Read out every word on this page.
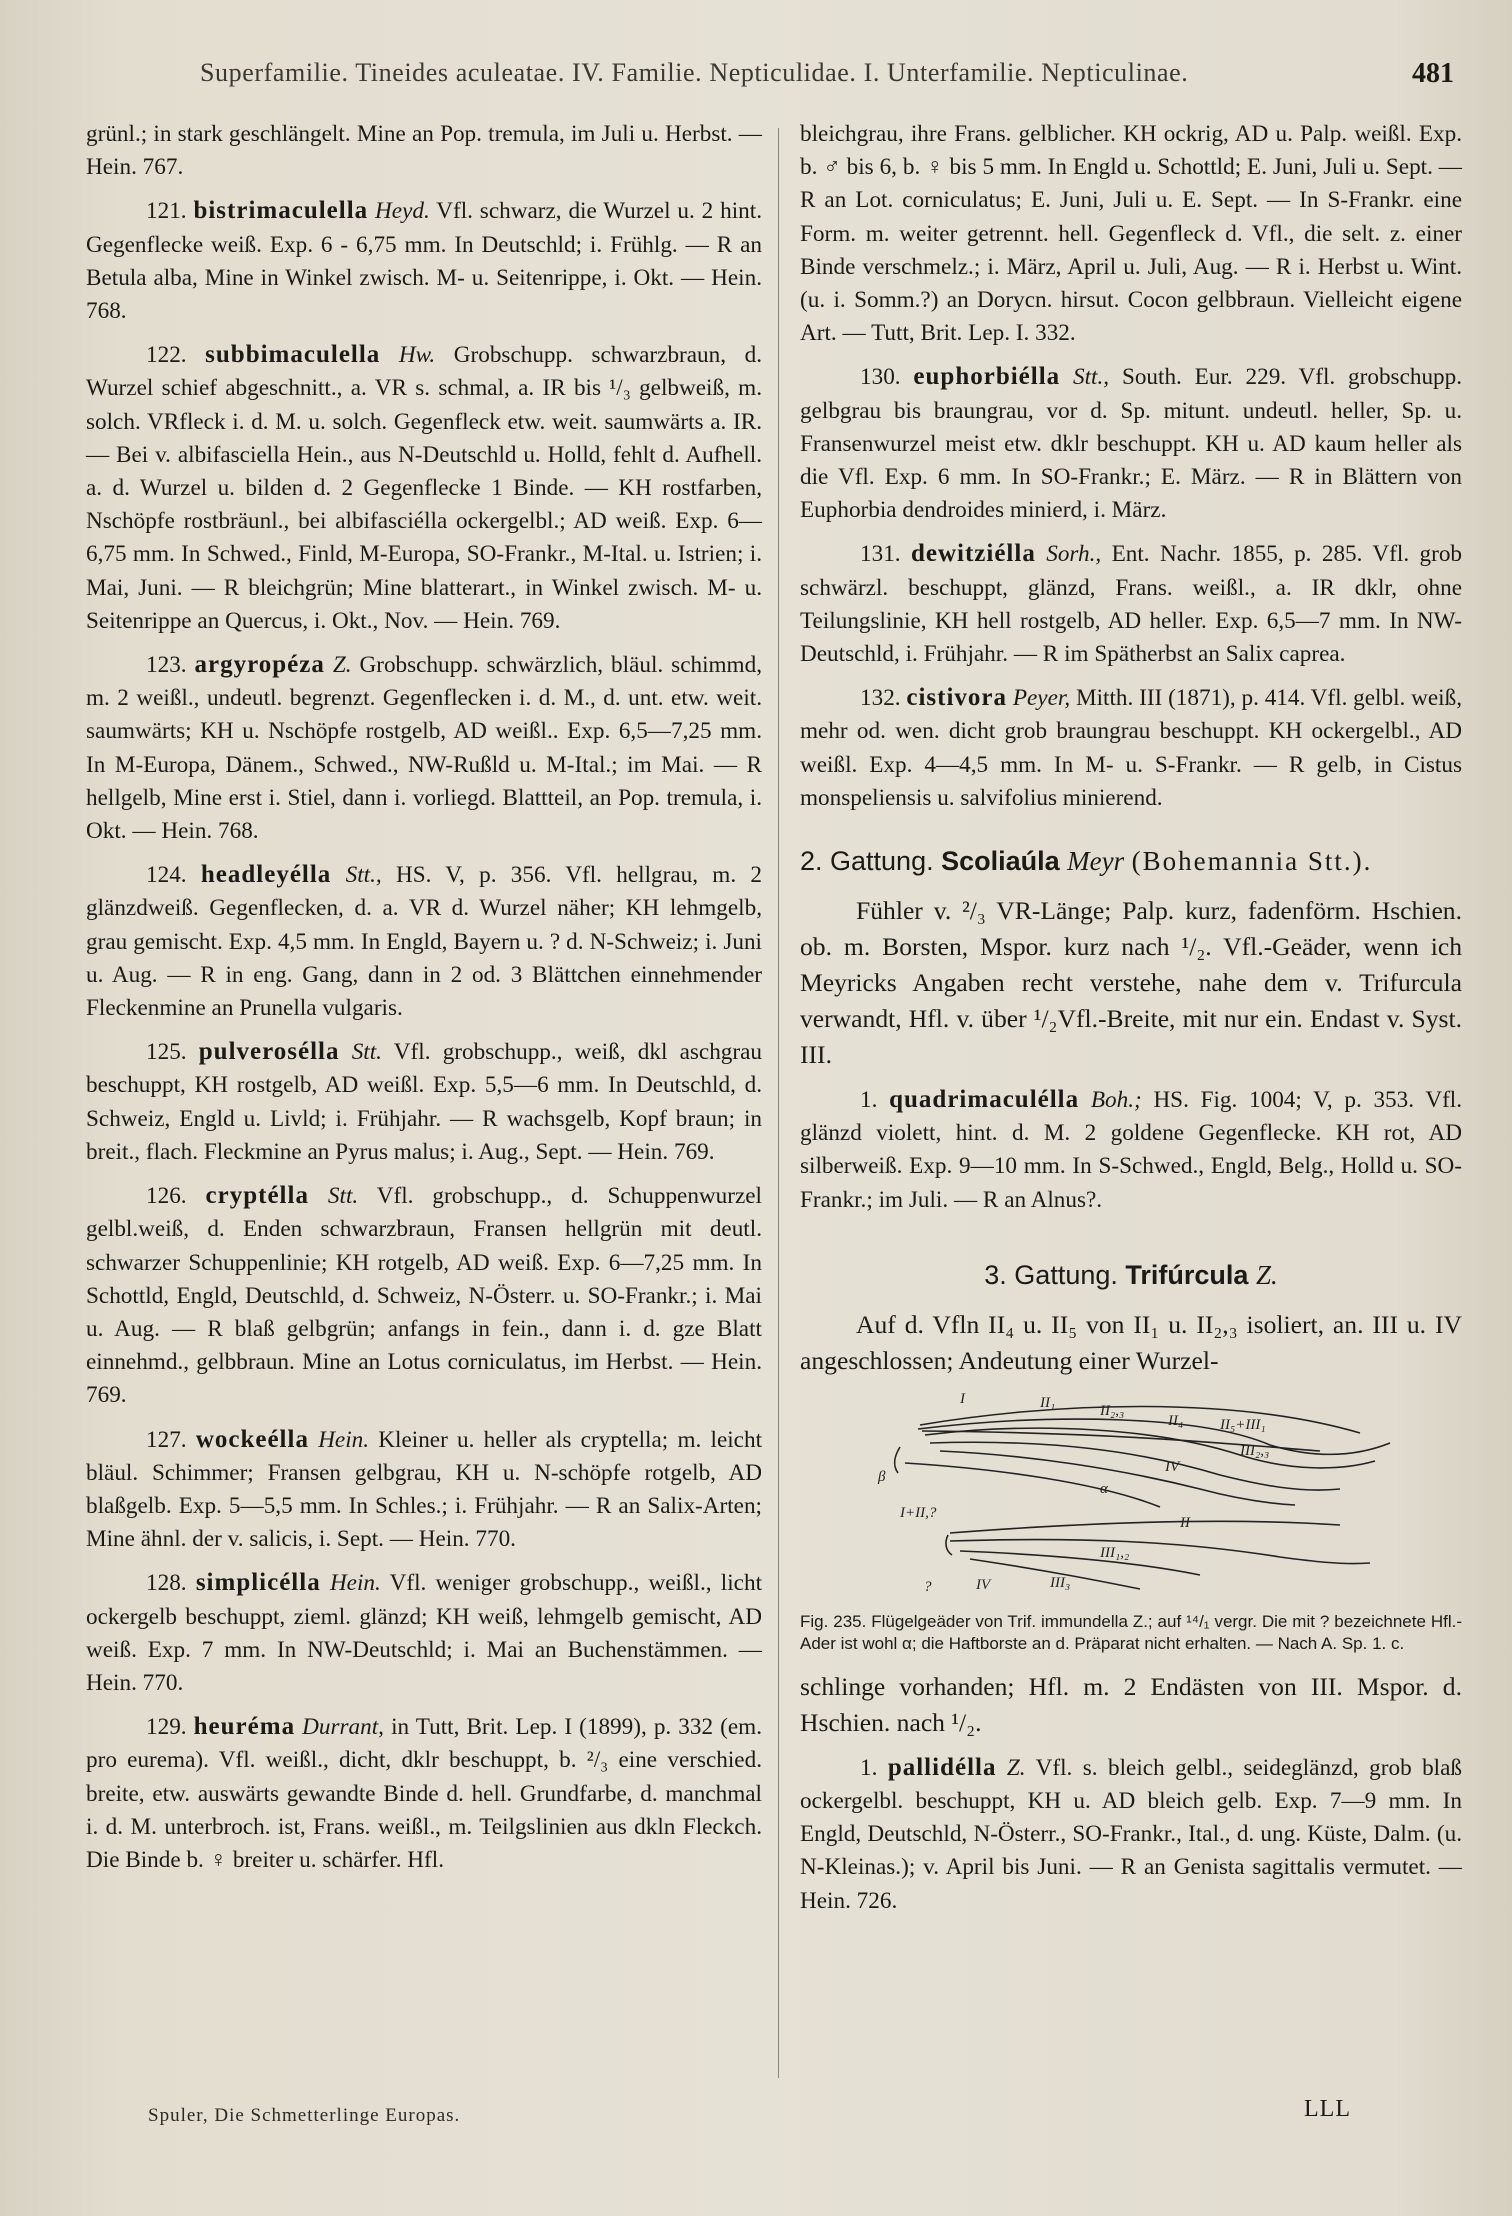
Superfamilie. Tineides aculeatae. IV. Familie. Nepticulidae. I. Unterfamilie. Nepticulinae.	481

grünl.; in stark geschlängelt. Mine an Pop. tremula, im Juli u. Herbst. — Hein. 767.

121. bistrimaculella Heyd. Vfl. schwarz, die Wurzel u. 2 hint. Gegenflecke weiß. Exp. 6 - 6,75 mm. In Deutschld; i. Frühlg. — R an Betula alba, Mine in Winkel zwisch. M- u. Seitenrippe, i. Okt. — Hein. 768.

122. subbimaculella Hw. Grobschupp. schwarzbraun, d. Wurzel schief abgeschnitt., a. VR s. schmal, a. IR bis ¹/₃ gelbweiß, m. solch. VRfleck i. d. M. u. solch. Gegenfleck etw. weit. saumwärts a. IR. — Bei v. albifasciella Hein., aus N-Deutschld u. Holld, fehlt d. Aufhell. a. d. Wurzel u. bilden d. 2 Gegenflecke 1 Binde. — KH rostfarben, Nschöpfe rostbräunl., bei albifasciélla ockergelbl.; AD weiß. Exp. 6—6,75 mm. In Schwed., Finld, M-Europa, SO-Frankr., M-Ital. u. Istrien; i. Mai, Juni. — R bleichgrün; Mine blatterart., in Winkel zwisch. M- u. Seitenrippe an Quercus, i. Okt., Nov. — Hein. 769.

123. argyropéza Z. Grobschupp. schwärzlich, bläul. schimmd, m. 2 weißl., undeutl. begrenzt. Gegenflecken i. d. M., d. unt. etw. weit. saumwärts; KH u. Nschöpfe rostgelb, AD weißl.. Exp. 6,5—7,25 mm. In M-Europa, Dänem., Schwed., NW-Rußld u. M-Ital.; im Mai. — R hellgelb, Mine erst i. Stiel, dann i. vorliegd. Blattteil, an Pop. tremula, i. Okt. — Hein. 768.

124. headleyélla Stt., HS. V, p. 356. Vfl. hellgrau, m. 2 glänzdweiß. Gegenflecken, d. a. VR d. Wurzel näher; KH lehmgelb, grau gemischt. Exp. 4,5 mm. In Engld, Bayern u. ? d. N-Schweiz; i. Juni u. Aug. — R in eng. Gang, dann in 2 od. 3 Blättchen einnehmender Fleckenmine an Prunella vulgaris.

125. pulverosélla Stt. Vfl. grobschupp., weiß, dkl aschgrau beschuppt, KH rostgelb, AD weißl. Exp. 5,5—6 mm. In Deutschld, d. Schweiz, Engld u. Livld; i. Frühjahr. — R wachsgelb, Kopf braun; in breit., flach. Fleckmine an Pyrus malus; i. Aug., Sept. — Hein. 769.

126. cryptélla Stt. Vfl. grobschupp., d. Schuppenwurzel gelbl.weiß, d. Enden schwarzbraun, Fransen hellgrün mit deutl. schwarzer Schuppenlinie; KH rotgelb, AD weiß. Exp. 6—7,25 mm. In Schottld, Engld, Deutschld, d. Schweiz, N-Österr. u. SO-Frankr.; i. Mai u. Aug. — R blaß gelbgrün; anfangs in fein., dann i. d. gze Blatt einnehmd., gelbbraun. Mine an Lotus corniculatus, im Herbst. — Hein. 769.

127. wockeélla Hein. Kleiner u. heller als cryptella; m. leicht bläul. Schimmer; Fransen gelbgrau, KH u. N-schöpfe rotgelb, AD blaßgelb. Exp. 5—5,5 mm. In Schles.; i. Frühjahr. — R an Salix-Arten; Mine ähnl. der v. salicis, i. Sept. — Hein. 770.

128. simplicélla Hein. Vfl. weniger grobschupp., weißl., licht ockergelb beschuppt, zieml. glänzd; KH weiß, lehmgelb gemischt, AD weiß. Exp. 7 mm. In NW-Deutschld; i. Mai an Buchenstämmen. — Hein. 770.

129. heuréma Durrant, in Tutt, Brit. Lep. I (1899), p. 332 (em. pro eurema). Vfl. weißl., dicht, dklr beschuppt, b. ²/₃ eine verschied. breite, etw. auswärts gewandte Binde d. hell. Grundfarbe, d. manchmal i. d. M. unterbroch. ist, Frans. weißl., m. Teilgslinien aus dkln Fleckch. Die Binde b. ♀ breiter u. schärfer. Hfl.

bleichgrau, ihre Frans. gelblicher. KH ockrig, AD u. Palp. weißl. Exp. b. ♂ bis 6, b. ♀ bis 5 mm. In Engld u. Schottld; E. Juni, Juli u. Sept. — R an Lot. corniculatus; E. Juni, Juli u. E. Sept. — In S-Frankr. eine Form. m. weiter getrennt. hell. Gegenfleck d. Vfl., die selt. z. einer Binde verschmelz.; i. März, April u. Juli, Aug. — R i. Herbst u. Wint. (u. i. Somm.?) an Dorycn. hirsut. Cocon gelbbraun. Vielleicht eigene Art. — Tutt, Brit. Lep. I. 332.

130. euphorbiélla Stt., South. Eur. 229. Vfl. grobschupp. gelbgrau bis braungrau, vor d. Sp. mitunt. undeutl. heller, Sp. u. Fransenwurzel meist etw. dklr beschuppt. KH u. AD kaum heller als die Vfl. Exp. 6 mm. In SO-Frankr.; E. März. — R in Blättern von Euphorbia dendroides minierd, i. März.

131. dewitziélla Sorh., Ent. Nachr. 1855, p. 285. Vfl. grob schwärzl. beschuppt, glänzd, Frans. weißl., a. IR dklr, ohne Teilungslinie, KH hell rostgelb, AD heller. Exp. 6,5—7 mm. In NW-Deutschld, i. Frühjahr. — R im Spätherbst an Salix caprea.

132. cistivora Peyer, Mitth. III (1871), p. 414. Vfl. gelbl. weiß, mehr od. wen. dicht grob braungrau beschuppt. KH ockergelbl., AD weißl. Exp. 4—4,5 mm. In M- u. S-Frankr. — R gelb, in Cistus monspeliensis u. salvifolius minierend.

2. Gattung. Scoliaúla Meyr (Bohemannia Stt.).

Fühler v. ²/₃ VR-Länge; Palp. kurz, fadenförm. Hschien. ob. m. Borsten, Mspor. kurz nach ¹/₂. Vfl.-Geäder, wenn ich Meyricks Angaben recht verstehe, nahe dem v. Trifurcula verwandt, Hfl. v. über ¹/₂Vfl.-Breite, mit nur ein. Endast v. Syst. III.

1. quadrimaculélla Boh.; HS. Fig. 1004; V, p. 353. Vfl. glänzd violett, hint. d. M. 2 goldene Gegenflecke. KH rot, AD silberweiß. Exp. 9—10 mm. In S-Schwed., Engld, Belg., Holld u. SO-Frankr.; im Juli. — R an Alnus?.

3. Gattung. Trifúrcula Z.

Auf d. Vfln II₄ u. II₅ von II₁ u. II₂,₃ isoliert, an. III u. IV angeschlossen; Andeutung einer Wurzel-

I	II₁	II₂,₃
II₄ II₅+III₁
III₂,₃
IV
α
β
I+II,?
II
III₁,₂
?	IV	III₃
Fig. 235. Flügelgeäder von Trif. immundella Z.; auf ¹⁴/₁ vergr. Die mit ? bezeichnete Hfl.-Ader ist wohl α; die Haftborste an d. Präparat nicht erhalten. — Nach A. Sp. 1. c.

schlinge vorhanden; Hfl. m. 2 Endästen von III. Mspor. d. Hschien. nach ¹/₂.

1. pallidélla Z. Vfl. s. bleich gelbl., seideglänzd, grob blaß ockergelbl. beschuppt, KH u. AD bleich gelb. Exp. 7—9 mm. In Engld, Deutschld, N-Österr., SO-Frankr., Ital., d. ung. Küste, Dalm. (u. N-Kleinas.); v. April bis Juni. — R an Genista sagittalis vermutet. — Hein. 726.

Spuler, Die Schmetterlinge Europas.	LLL
